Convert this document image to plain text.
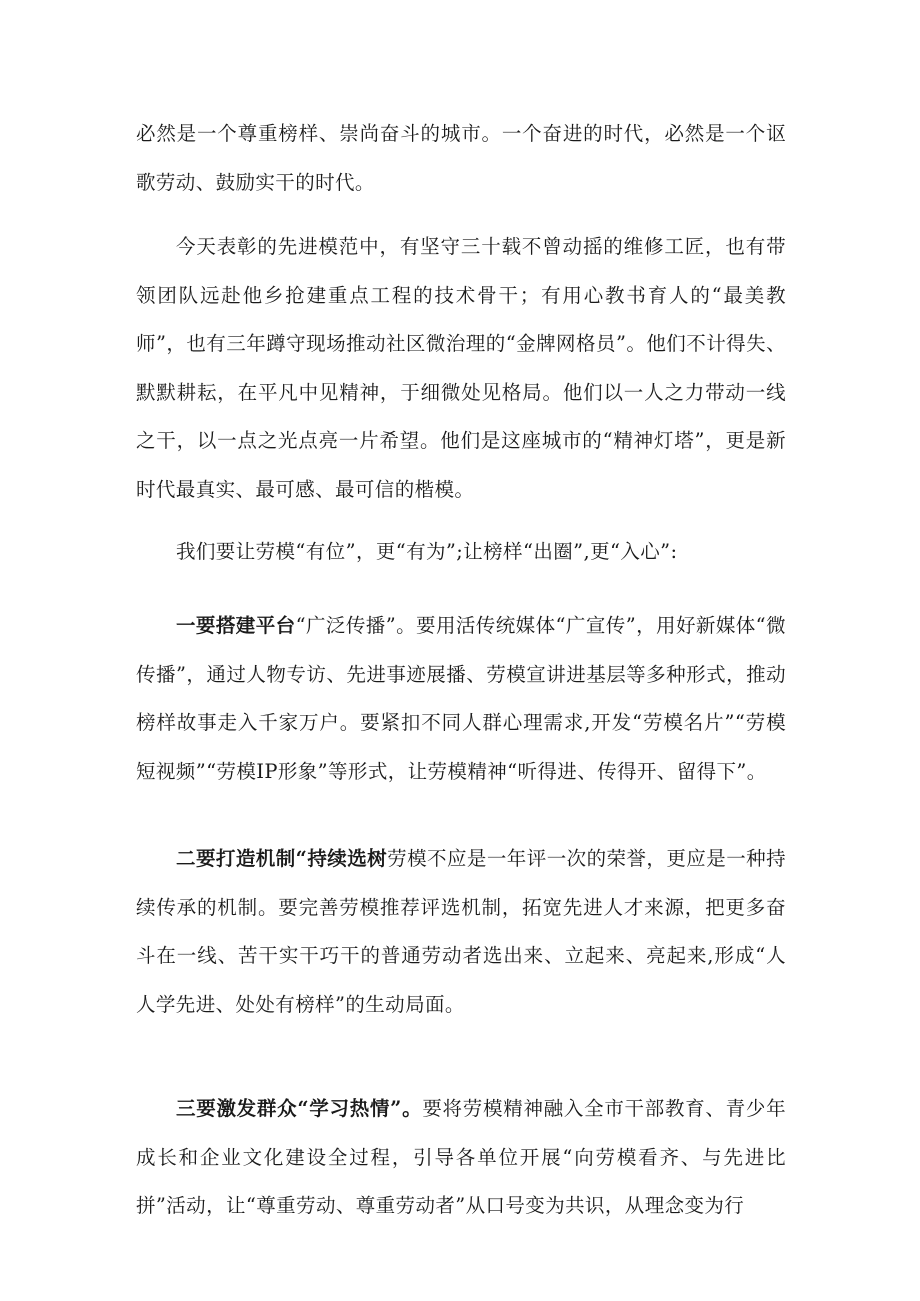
必然是一个尊重榜样、崇尚奋斗的城市。一个奋进的时代，必然是一个讴歌劳动、鼓励实干的时代。

今天表彰的先进模范中，有坚守三十载不曾动摇的维修工匠，也有带领团队远赴他乡抢建重点工程的技术骨干；有用心教书育人的“最美教师”，也有三年蹲守现场推动社区微治理的“金牌网格员”。他们不计得失、默默耕耘，在平凡中见精神，于细微处见格局。他们以一人之力带动一线之干，以一点之光点亮一片希望。他们是这座城市的“精神灯塔”，更是新时代最真实、最可感、最可信的楷模。

我们要让劳模“有位”，更“有为”;让榜样“出圈”,更“入心”:

一要搭建平台“广泛传播”。要用活传统媒体“广宣传”，用好新媒体“微传播”，通过人物专访、先进事迹展播、劳模宣讲进基层等多种形式，推动榜样故事走入千家万户。要紧扣不同人群心理需求,开发“劳模名片”“劳模短视频”“劳模IP形象”等形式，让劳模精神“听得进、传得开、留得下”。

二要打造机制“持续选树劳模不应是一年评一次的荣誉，更应是一种持续传承的机制。要完善劳模推荐评选机制，拓宽先进人才来源，把更多奋斗在一线、苦干实干巧干的普通劳动者选出来、立起来、亮起来,形成“人人学先进、处处有榜样”的生动局面。

三要激发群众“学习热情”。要将劳模精神融入全市干部教育、青少年成长和企业文化建设全过程，引导各单位开展“向劳模看齐、与先进比拼”活动，让“尊重劳动、尊重劳动者”从口号变为共识，从理念变为行
